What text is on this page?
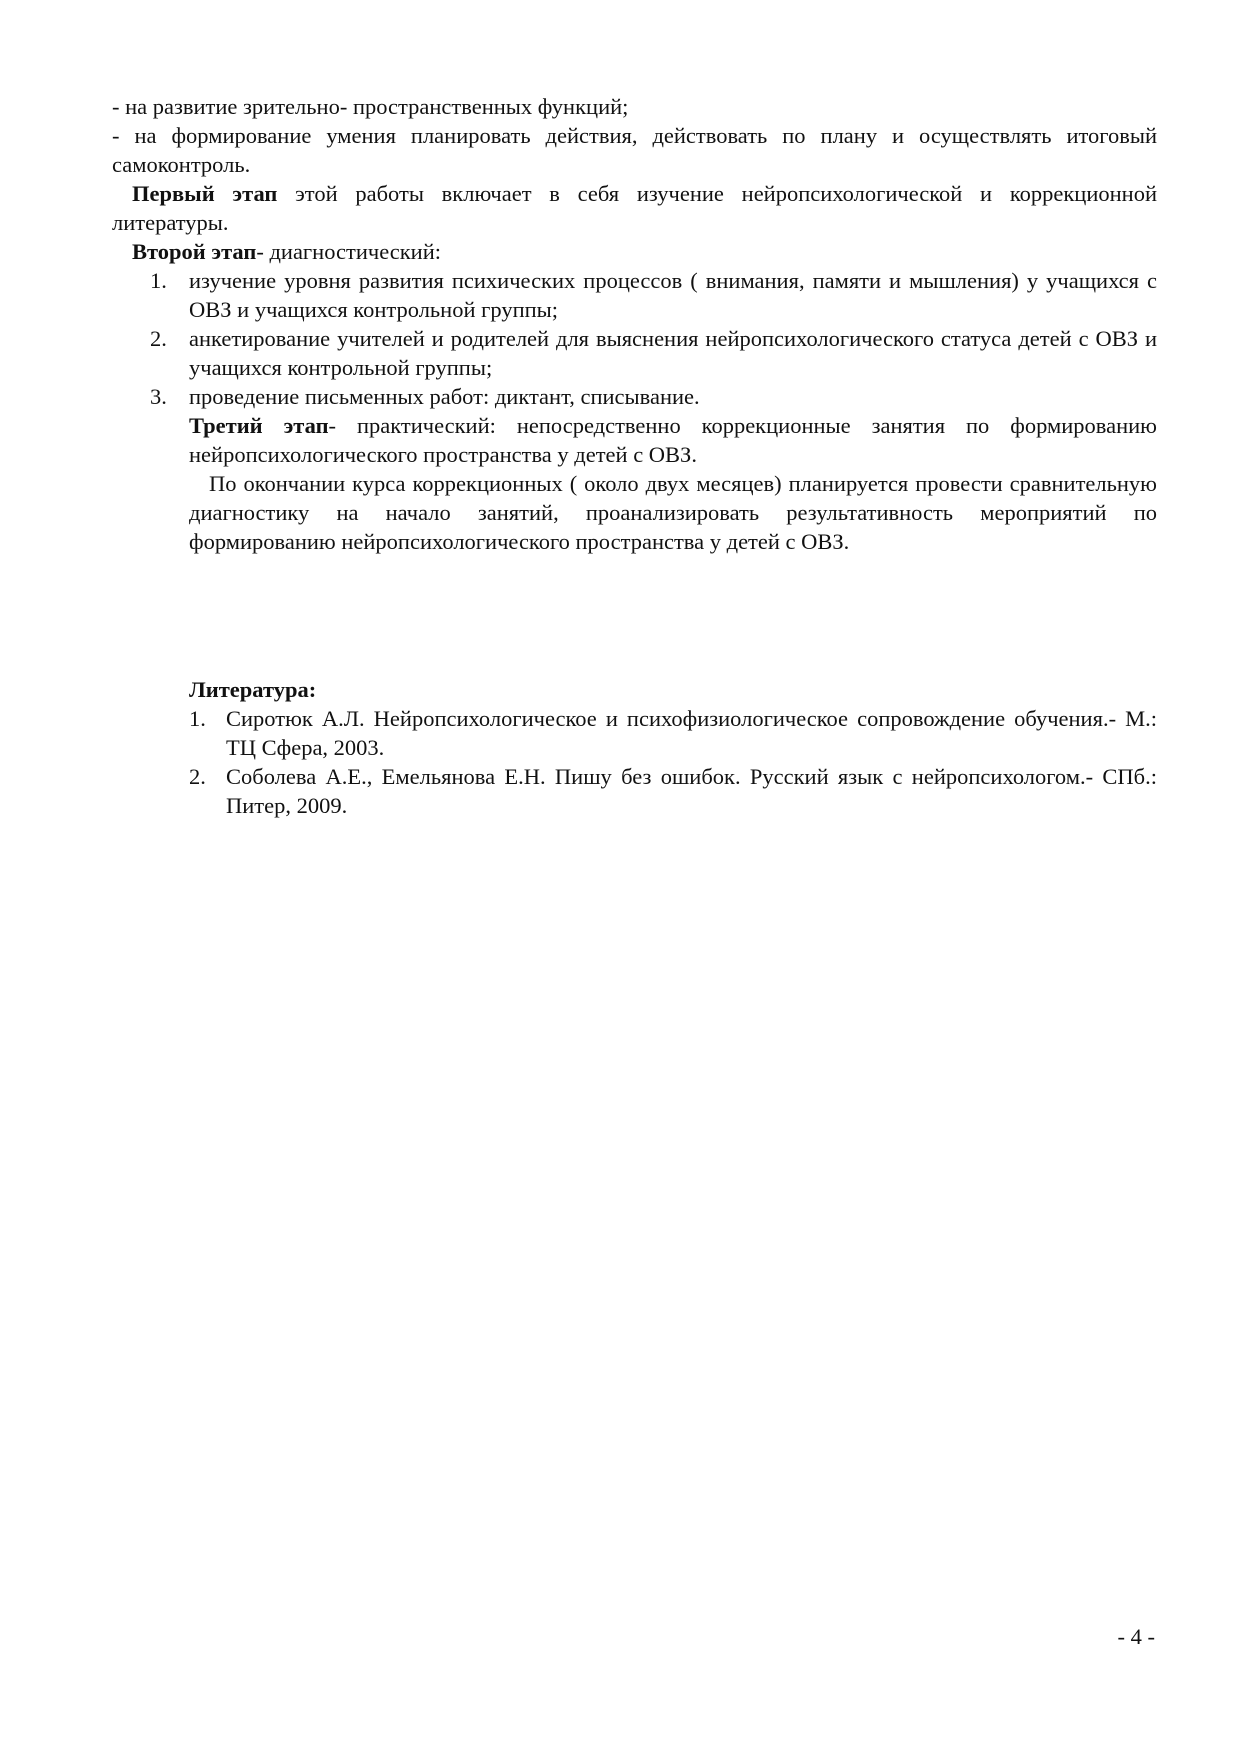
- на развитие зрительно- пространственных функций;

- на формирование умения планировать действия, действовать по плану и осуществлять итоговый самоконтроль.

Первый этап этой работы включает в себя изучение нейропсихологической и коррекционной литературы.

Второй этап- диагностический:

1. изучение уровня развития психических процессов ( внимания, памяти и мышления) у учащихся с ОВЗ и учащихся контрольной группы;
2. анкетирование учителей и родителей для выяснения нейропсихологического статуса детей с ОВЗ и учащихся контрольной группы;
3. проведение письменных работ: диктант, списывание.

Третий этап- практический: непосредственно коррекционные занятия по формированию нейропсихологического пространства у детей с ОВЗ.

По окончании курса коррекционных ( около двух месяцев) планируется провести сравнительную диагностику на начало занятий, проанализировать результативность мероприятий по формированию нейропсихологического пространства у детей с ОВЗ.

Литература:

1. Сиротюк А.Л. Нейропсихологическое и психофизиологическое сопровождение обучения.- М.: ТЦ Сфера, 2003.
2. Соболева А.Е., Емельянова Е.Н. Пишу без ошибок. Русский язык с нейропсихологом.- СПб.: Питер, 2009.
- 4 -
